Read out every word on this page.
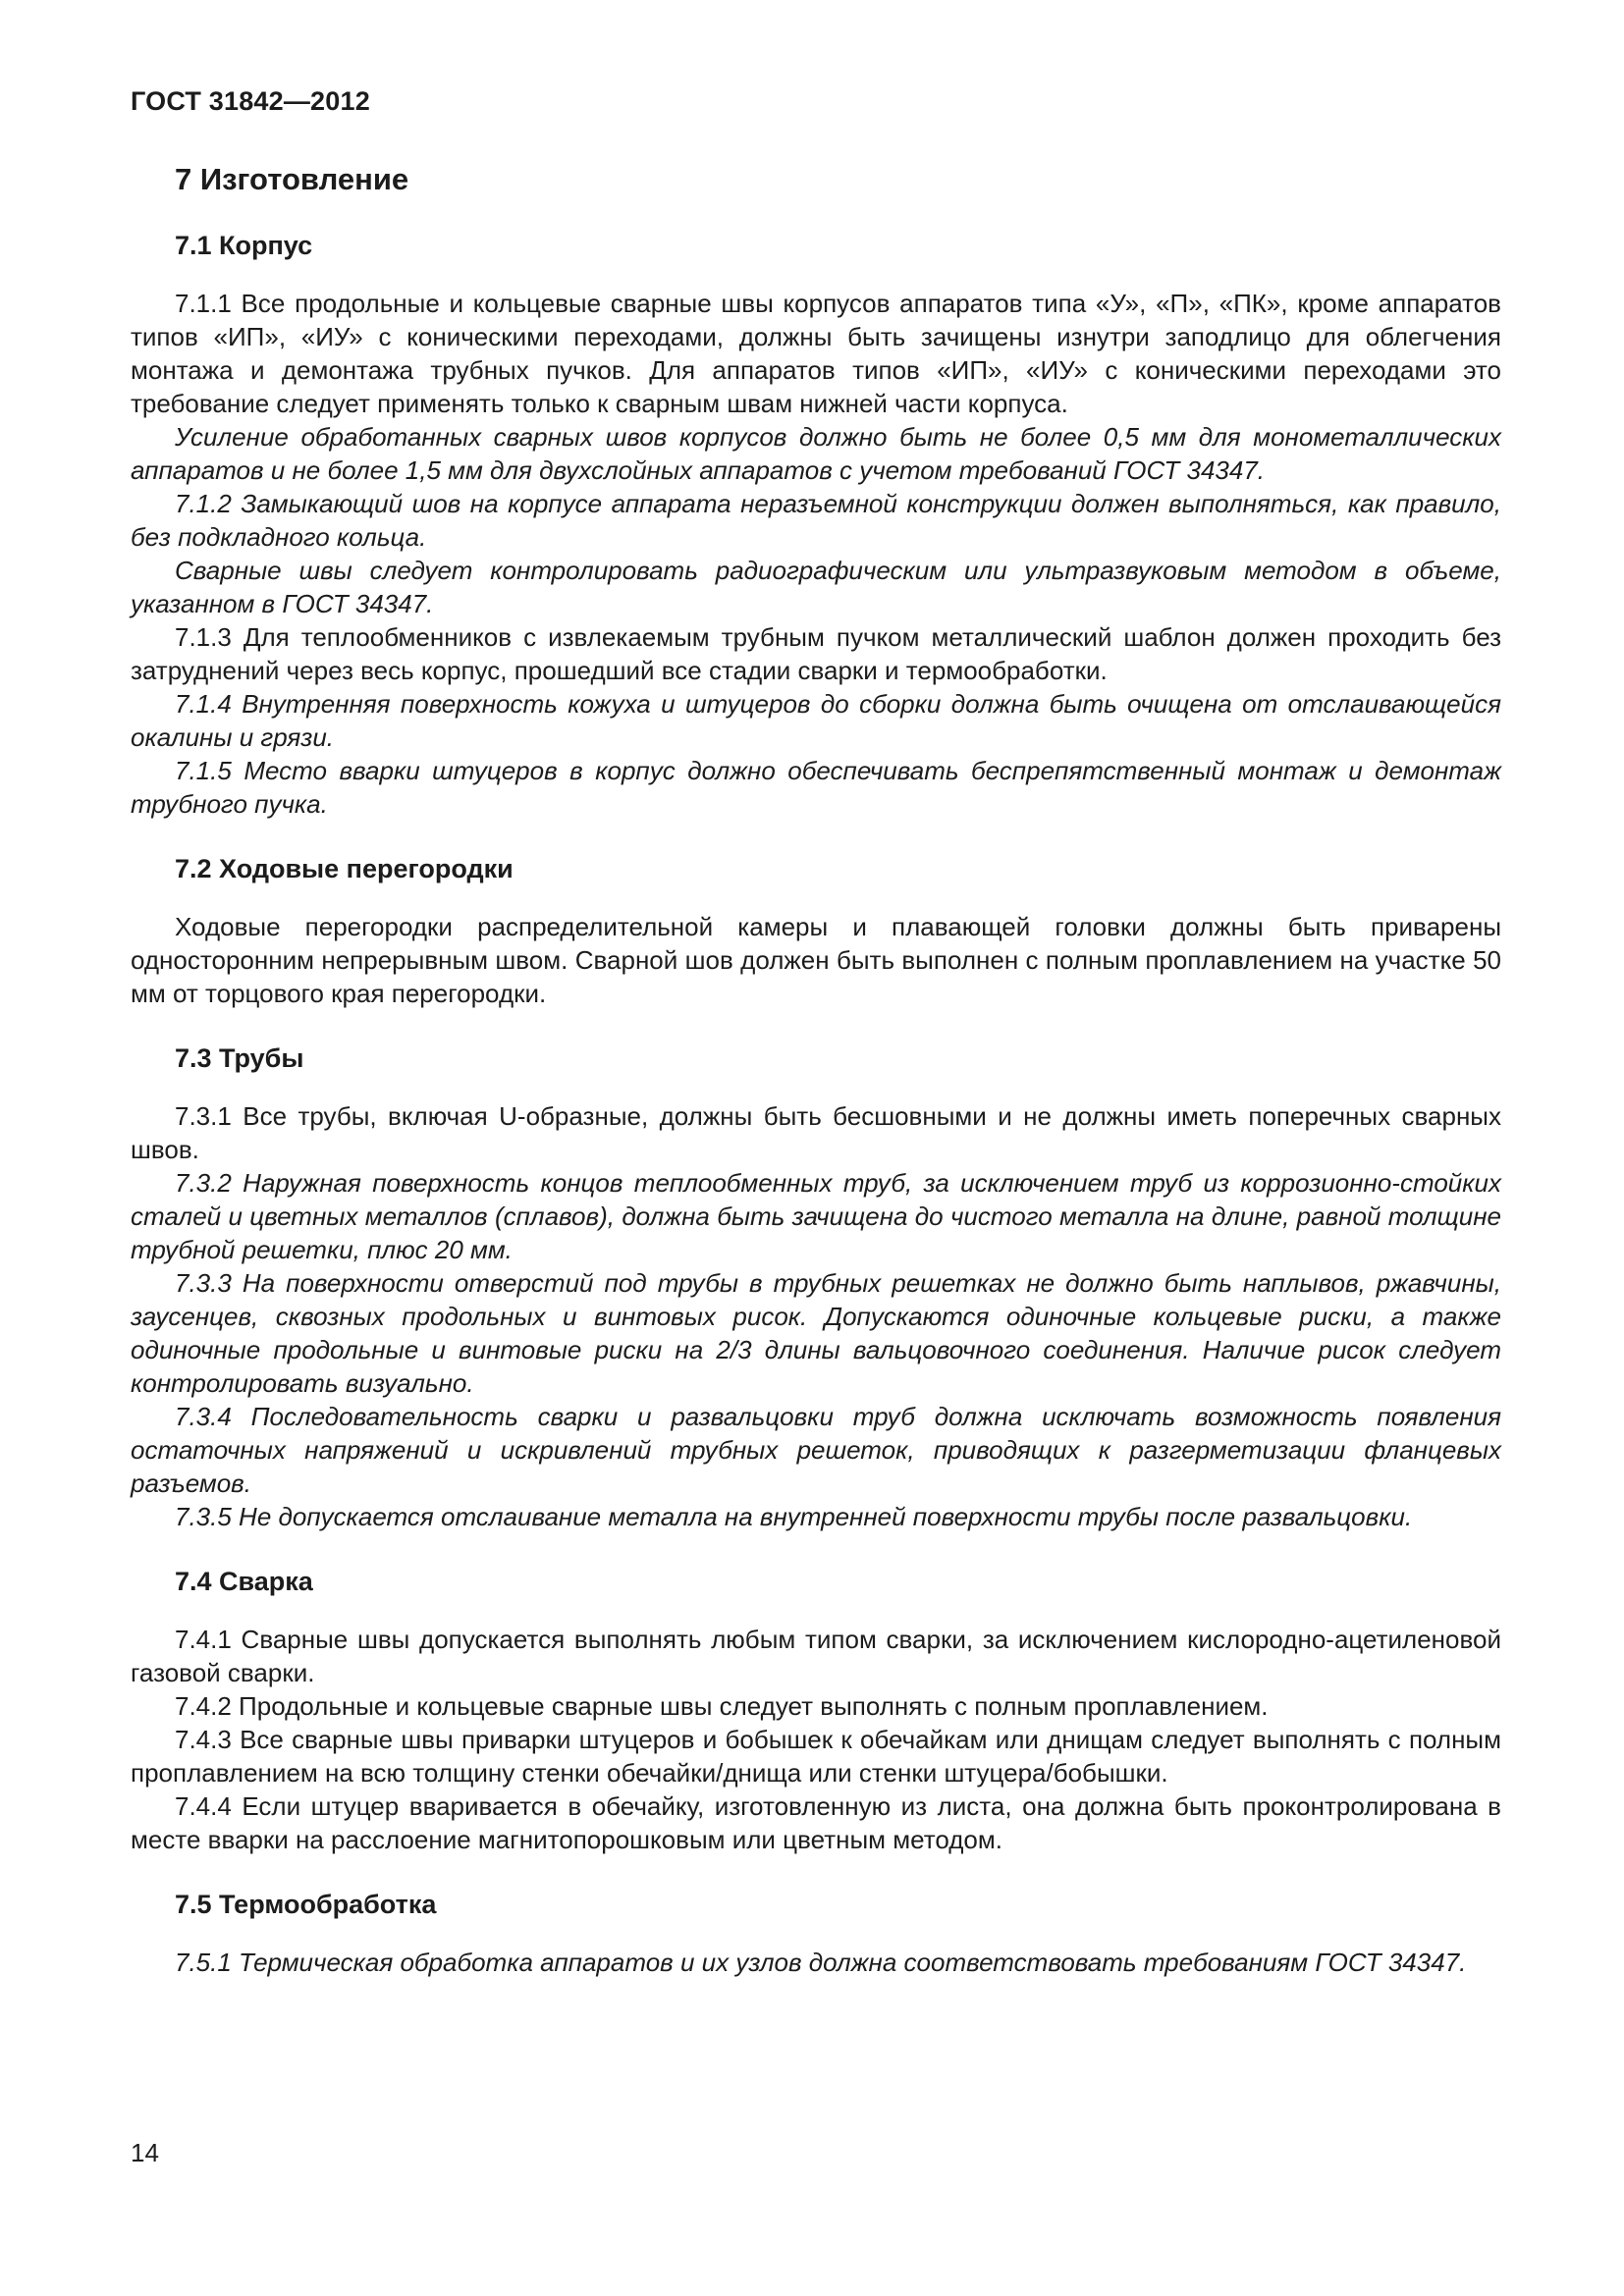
ГОСТ 31842—2012
7 Изготовление
7.1 Корпус

7.1.1 Все продольные и кольцевые сварные швы корпусов аппаратов типа «У», «П», «ПК», кроме аппаратов типов «ИП», «ИУ» с коническими переходами, должны быть зачищены изнутри заподлицо для облегчения монтажа и демонтажа трубных пучков. Для аппаратов типов «ИП», «ИУ» с коническими переходами это требование следует применять только к сварным швам нижней части корпуса.

Усиление обработанных сварных швов корпусов должно быть не более 0,5 мм для монометаллических аппаратов и не более 1,5 мм для двухслойных аппаратов с учетом требований ГОСТ 34347.

7.1.2 Замыкающий шов на корпусе аппарата неразъемной конструкции должен выполняться, как правило, без подкладного кольца.

Сварные швы следует контролировать радиографическим или ультразвуковым методом в объеме, указанном в ГОСТ 34347.

7.1.3 Для теплообменников с извлекаемым трубным пучком металлический шаблон должен проходить без затруднений через весь корпус, прошедший все стадии сварки и термообработки.

7.1.4 Внутренняя поверхность кожуха и штуцеров до сборки должна быть очищена от отслаивающейся окалины и грязи.

7.1.5 Место вварки штуцеров в корпус должно обеспечивать беспрепятственный монтаж и демонтаж трубного пучка.

7.2 Ходовые перегородки

Ходовые перегородки распределительной камеры и плавающей головки должны быть приварены односторонним непрерывным швом. Сварной шов должен быть выполнен с полным проплавлением на участке 50 мм от торцового края перегородки.

7.3 Трубы

7.3.1 Все трубы, включая U-образные, должны быть бесшовными и не должны иметь поперечных сварных швов.

7.3.2 Наружная поверхность концов теплообменных труб, за исключением труб из коррозионно-стойких сталей и цветных металлов (сплавов), должна быть зачищена до чистого металла на длине, равной толщине трубной решетки, плюс 20 мм.

7.3.3 На поверхности отверстий под трубы в трубных решетках не должно быть наплывов, ржавчины, заусенцев, сквозных продольных и винтовых рисок. Допускаются одиночные кольцевые риски, а также одиночные продольные и винтовые риски на 2/3 длины вальцовочного соединения. Наличие рисок следует контролировать визуально.

7.3.4 Последовательность сварки и развальцовки труб должна исключать возможность появления остаточных напряжений и искривлений трубных решеток, приводящих к разгерметизации фланцевых разъемов.

7.3.5 Не допускается отслаивание металла на внутренней поверхности трубы после развальцовки.

7.4 Сварка

7.4.1 Сварные швы допускается выполнять любым типом сварки, за исключением кислородно-ацетиленовой газовой сварки.

7.4.2 Продольные и кольцевые сварные швы следует выполнять с полным проплавлением.

7.4.3 Все сварные швы приварки штуцеров и бобышек к обечайкам или днищам следует выполнять с полным проплавлением на всю толщину стенки обечайки/днища или стенки штуцера/бобышки.

7.4.4 Если штуцер вваривается в обечайку, изготовленную из листа, она должна быть проконтролирована в месте вварки на расслоение магнитопорошковым или цветным методом.

7.5 Термообработка

7.5.1 Термическая обработка аппаратов и их узлов должна соответствовать требованиям ГОСТ 34347.

14
